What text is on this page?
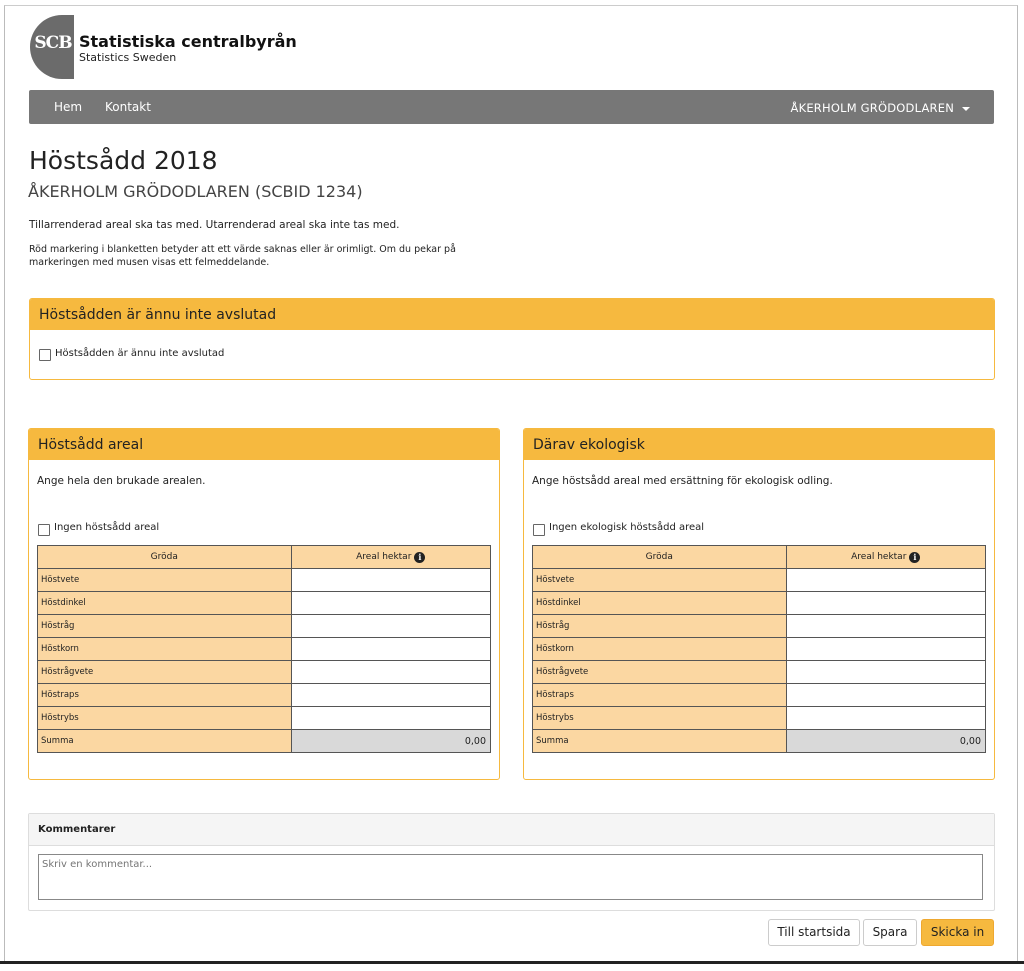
SCB Statistiska centralbyrån
Statistics Sweden
Hem Kontakt	ÅKERHOLM GRÖDODLAREN
Höstsådd 2018
ÅKERHOLM GRÖDODLAREN (SCBID 1234)
Tillarrenderad areal ska tas med. Utarrenderad areal ska inte tas med.
Röd markering i blanketten betyder att ett värde saknas eller är orimligt. Om du pekar på markeringen med musen visas ett felmeddelande.
Höstsådden är ännu inte avslutad
Höstsådden är ännu inte avslutad
Höstsådd areal
Ange hela den brukade arealen.
Ingen höstsådd areal
Gröda	Areal hektar i
Höstvete	
Höstdinkel	
Höstråg	
Höstkorn	
Höstrågvete	
Höstraps	
Höstrybs	
Summa	0,00
Därav ekologisk
Ange höstsådd areal med ersättning för ekologisk odling.
Ingen ekologisk höstsådd areal
Gröda	Areal hektar i
Höstvete	
Höstdinkel	
Höstråg	
Höstkorn	
Höstrågvete	
Höstraps	
Höstrybs	
Summa	0,00
Kommentarer
Skriv en kommentar...
Till startsida	Spara	Skicka in
